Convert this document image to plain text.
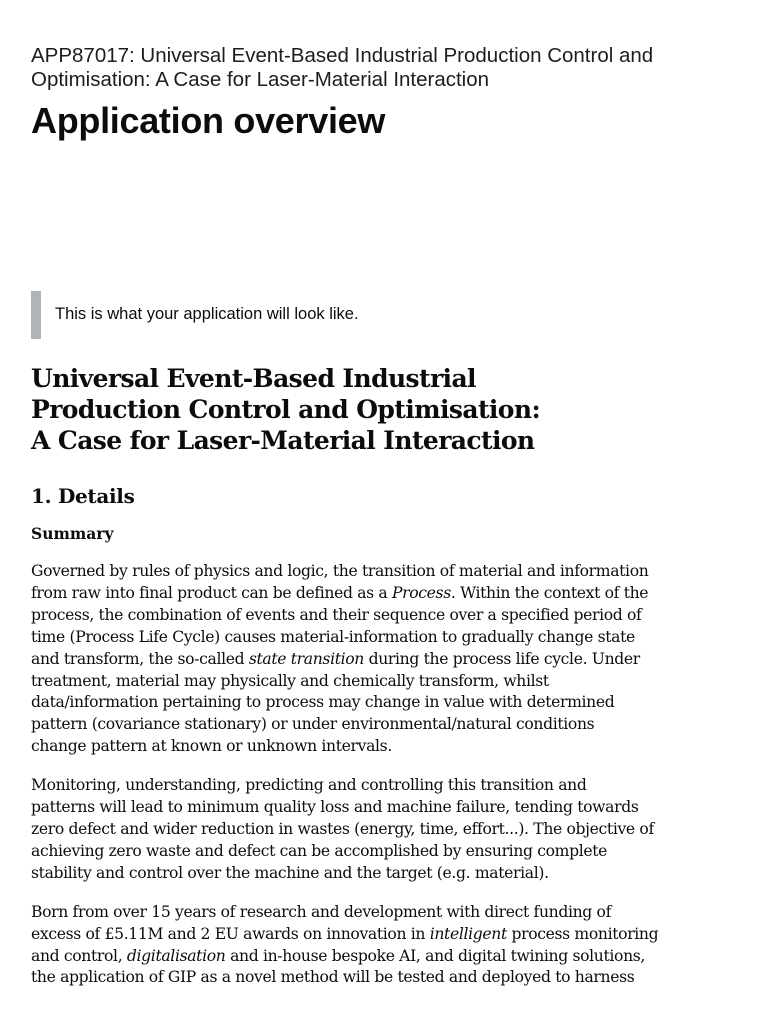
APP87017: Universal Event-Based Industrial Production Control and Optimisation: A Case for Laser-Material Interaction

Application overview

This is what your application will look like.

Universal Event-Based Industrial
Production Control and Optimisation:
A Case for Laser-Material Interaction
1. Details
Summary

Governed by rules of physics and logic, the transition of material and information
from raw into final product can be defined as a Process. Within the context of the
process, the combination of events and their sequence over a specified period of
time (Process Life Cycle) causes material-information to gradually change state
and transform, the so-called state transition during the process life cycle. Under
treatment, material may physically and chemically transform, whilst
data/information pertaining to process may change in value with determined
pattern (covariance stationary) or under environmental/natural conditions
change pattern at known or unknown intervals.

Monitoring, understanding, predicting and controlling this transition and
patterns will lead to minimum quality loss and machine failure, tending towards
zero defect and wider reduction in wastes (energy, time, effort...). The objective of
achieving zero waste and defect can be accomplished by ensuring complete
stability and control over the machine and the target (e.g. material).

Born from over 15 years of research and development with direct funding of
excess of £5.11M and 2 EU awards on innovation in intelligent process monitoring
and control, digitalisation and in-house bespoke AI, and digital twining solutions,
the application of GIP as a novel method will be tested and deployed to harness
